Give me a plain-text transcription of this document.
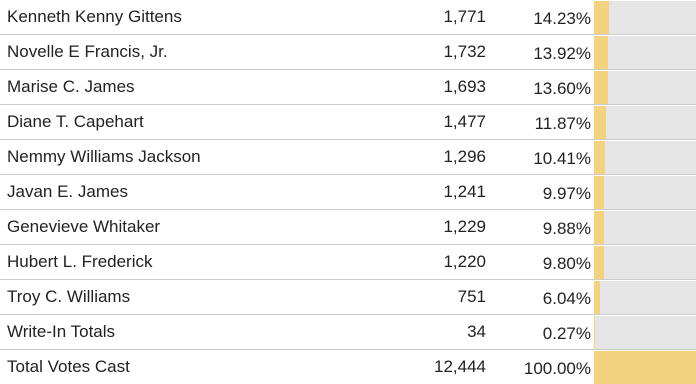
Kenneth Kenny Gittens	1,771	14.23%	

Novelle E Francis, Jr.	1,732	13.92%	

Marise C. James	1,693	13.60%	

Diane T. Capehart	1,477	11.87%	

Nemmy Williams Jackson	1,296	10.41%	

Javan E. James	1,241	9.97%	

Genevieve Whitaker	1,229	9.88%	

Hubert L. Frederick	1,220	9.80%	

Troy C. Williams	751	6.04%	

Write-In Totals	34	0.27%	

Total Votes Cast	12,444	100.00%	
